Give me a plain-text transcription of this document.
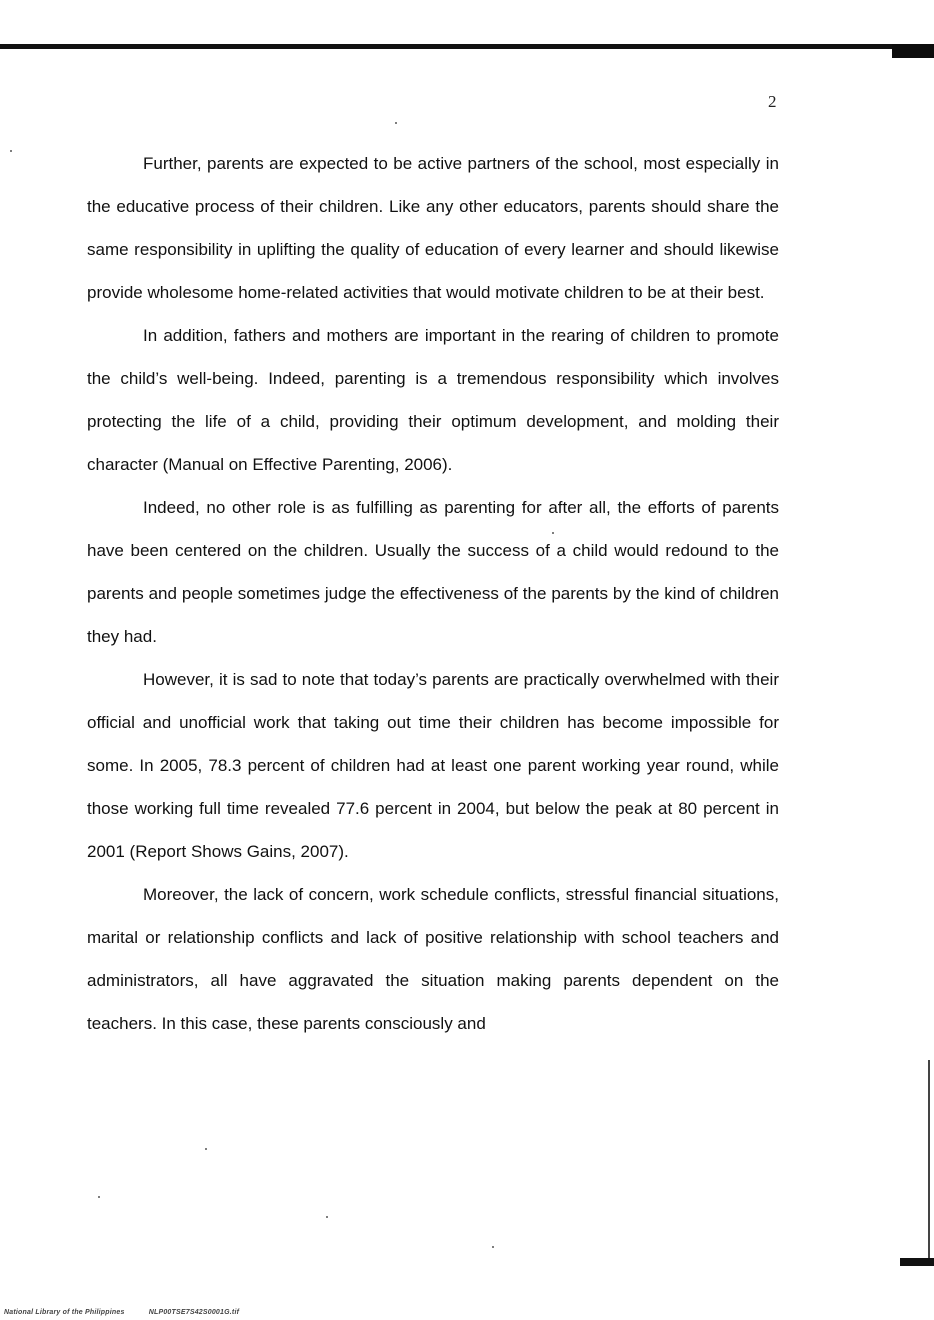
2

Further, parents are expected to be active partners of the school, most especially in the educative process of their children. Like any other educators, parents should share the same responsibility in uplifting the quality of education of every learner and should likewise provide wholesome home-related activities that would motivate children to be at their best.

In addition, fathers and mothers are important in the rearing of children to promote the child’s well-being. Indeed, parenting is a tremendous responsibility which involves protecting the life of a child, providing their optimum development, and molding their character (Manual on Effective Parenting, 2006).

Indeed, no other role is as fulfilling as parenting for after all, the efforts of parents have been centered on the children. Usually the success of a child would redound to the parents and people sometimes judge the effectiveness of the parents by the kind of children they had.

However, it is sad to note that today’s parents are practically overwhelmed with their official and unofficial work that taking out time their children has become impossible for some. In 2005, 78.3 percent of children had at least one parent working year round, while those working full time revealed 77.6 percent in 2004, but below the peak at 80 percent in 2001 (Report Shows Gains, 2007).

Moreover, the lack of concern, work schedule conflicts, stressful financial situations, marital or relationship conflicts and lack of positive relationship with school teachers and administrators, all have aggravated the situation making parents dependent on the teachers. In this case, these parents consciously and

National Library of the Philippines	NLP00TSE7S42S0001G.tif
